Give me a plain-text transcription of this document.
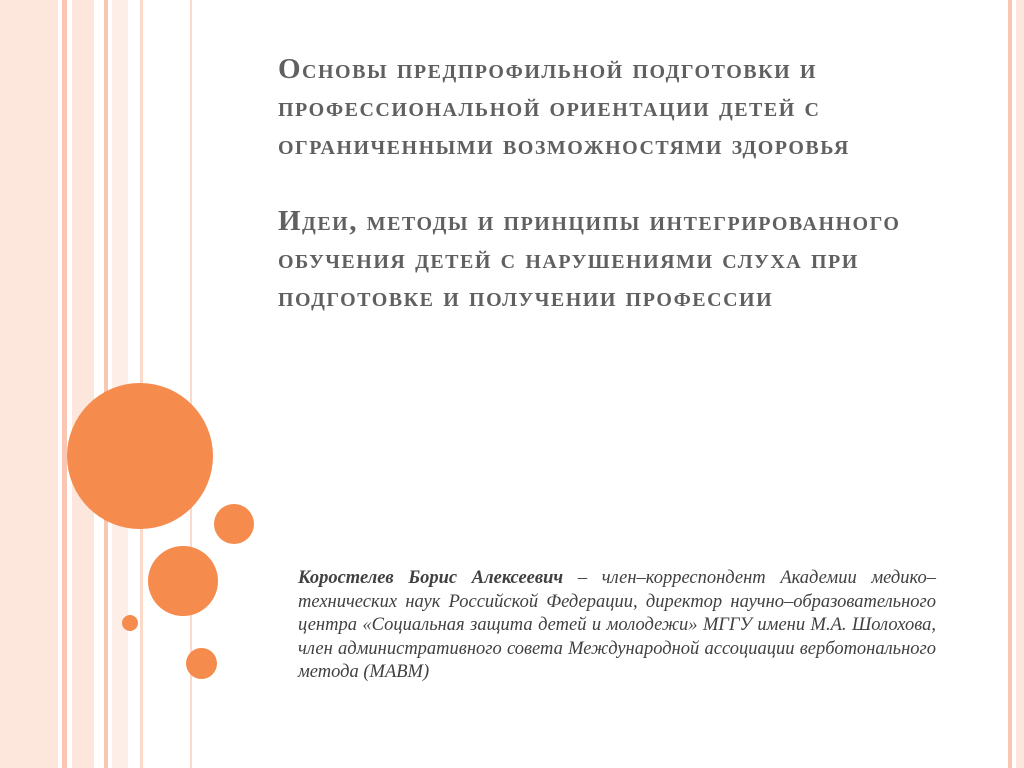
Основы предпрофильной подготовки и профессиональной ориентации детей с ограниченными возможностями здоровья
Идеи, методы и принципы интегрированного обучения детей с нарушениями слуха при подготовке и получении профессии

Коростелев Борис Алексеевич – член–корреспондент Академии медико–технических наук Российской Федерации, директор научно–образовательного центра «Социальная защита детей и молодежи» МГГУ имени М.А. Шолохова, член административного совета Международной ассоциации верботонального метода (МАВМ)
